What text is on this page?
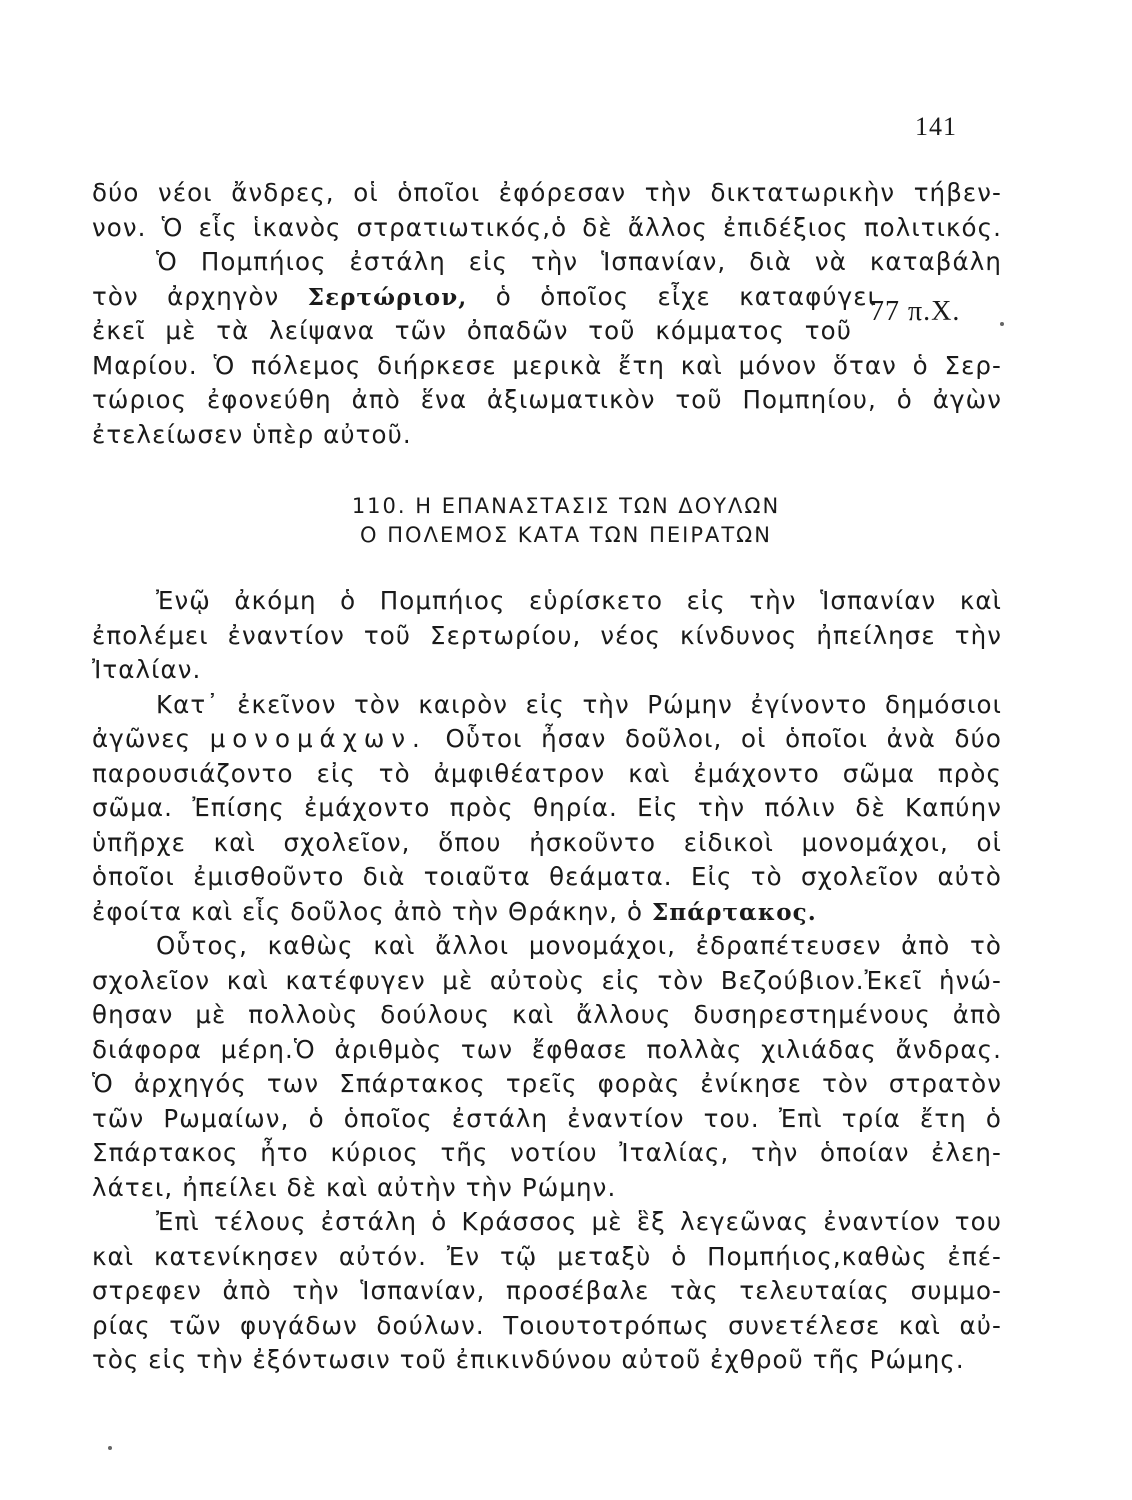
141
δύο νέοι ἄνδρες, οἱ ὁποῖοι ἐφόρεσαν τὴν δικτατωρικὴν τήβεν-
νον. Ὁ εἷς ἱκανὸς στρατιωτικός,ὁ δὲ ἄλλος ἐπιδέξιος πολιτικός.
Ὁ Πομπήιος ἐστάλη εἰς τὴν Ἱσπανίαν, διὰ νὰ καταβάλη
τὸν ἀρχηγὸν Σερτώριον, ὁ ὁποῖος εἶχε καταφύγει
ἐκεῖ μὲ τὰ λείψανα τῶν ὀπαδῶν τοῦ κόμματος τοῦ
Μαρίου. Ὁ πόλεμος διήρκεσε μερικὰ ἔτη καὶ μόνον ὅταν ὁ Σερ-
τώριος ἐφονεύθη ἀπὸ ἕνα ἀξιωματικὸν τοῦ Πομπηίου, ὁ ἀγὼν
ἐτελείωσεν ὑπὲρ αὐτοῦ.
77 π.Χ.
110. Η ΕΠΑΝΑΣΤΑΣΙΣ ΤΩΝ ΔΟΥΛΩΝ
Ο ΠΟΛΕΜΟΣ ΚΑΤΑ ΤΩΝ ΠΕΙΡΑΤΩΝ
Ἐνῷ ἀκόμη ὁ Πομπήιος εὑρίσκετο εἰς τὴν Ἱσπανίαν καὶ
ἐπολέμει ἐναντίον τοῦ Σερτωρίου, νέος κίνδυνος ἠπείλησε τὴν
Ἰταλίαν.
Κατ᾽ ἐκεῖνον τὸν καιρὸν εἰς τὴν Ρώμην ἐγίνοντο δημόσιοι
ἀγῶνες μονομάχων. Οὗτοι ἦσαν δοῦλοι, οἱ ὁποῖοι ἀνὰ δύο
παρουσιάζοντο εἰς τὸ ἀμφιθέατρον καὶ ἐμάχοντο σῶμα πρὸς
σῶμα. Ἐπίσης ἐμάχοντο πρὸς θηρία. Εἰς τὴν πόλιν δὲ Καπύην
ὑπῆρχε καὶ σχολεῖον, ὅπου ἠσκοῦντο εἰδικοὶ μονομάχοι, οἱ
ὁποῖοι ἐμισθοῦντο διὰ τοιαῦτα θεάματα. Εἰς τὸ σχολεῖον αὐτὸ
ἐφοίτα καὶ εἷς δοῦλος ἀπὸ τὴν Θράκην, ὁ Σπάρτακος.
Οὗτος, καθὼς καὶ ἄλλοι μονομάχοι, ἐδραπέτευσεν ἀπὸ τὸ
σχολεῖον καὶ κατέφυγεν μὲ αὐτοὺς εἰς τὸν Βεζούβιον.Ἐκεῖ ἡνώ-
θησαν μὲ πολλοὺς δούλους καὶ ἄλλους δυσηρεστημένους ἀπὸ
διάφορα μέρη.Ὁ ἀριθμὸς των ἔφθασε πολλὰς χιλιάδας ἄνδρας.
Ὁ ἀρχηγός των Σπάρτακος τρεῖς φορὰς ἐνίκησε τὸν στρατὸν
τῶν Ρωμαίων, ὁ ὁποῖος ἐστάλη ἐναντίον του. Ἐπὶ τρία ἔτη ὁ
Σπάρτακος ἦτο κύριος τῆς νοτίου Ἰταλίας, τὴν ὁποίαν ἐλεη-
λάτει, ἠπείλει δὲ καὶ αὐτὴν τὴν Ρώμην.
Ἐπὶ τέλους ἐστάλη ὁ Κράσσος μὲ ἓξ λεγεῶνας ἐναντίον του
καὶ κατενίκησεν αὐτόν. Ἐν τῷ μεταξὺ ὁ Πομπήιος,καθὼς ἐπέ-
στρεφεν ἀπὸ τὴν Ἱσπανίαν, προσέβαλε τὰς τελευταίας συμμο-
ρίας τῶν φυγάδων δούλων. Τοιουτοτρόπως συνετέλεσε καὶ αὐ-
τὸς εἰς τὴν ἐξόντωσιν τοῦ ἐπικινδύνου αὐτοῦ ἐχθροῦ τῆς Ρώμης.
